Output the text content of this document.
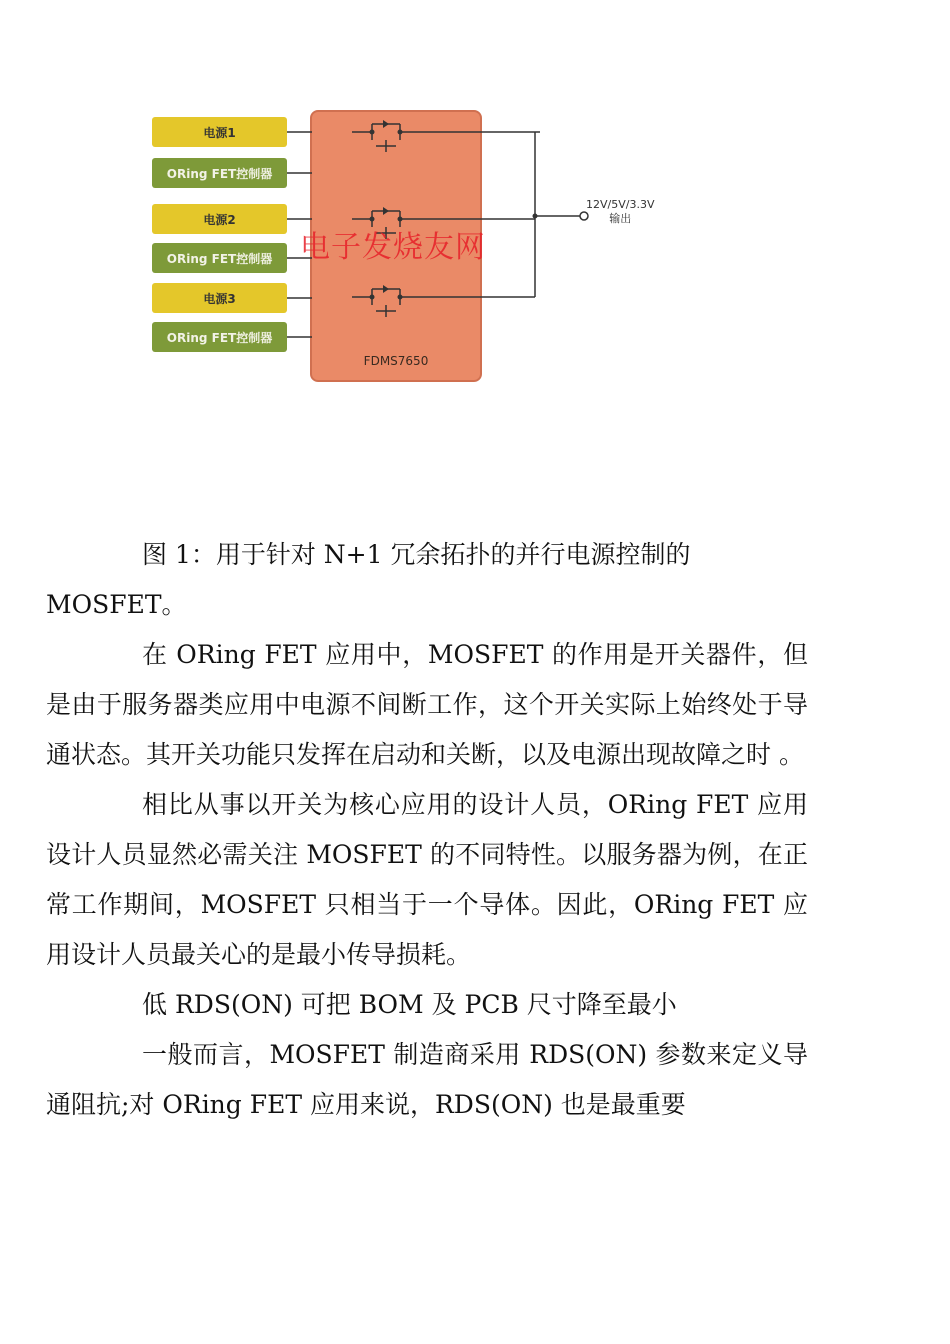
FDMS7650
电源1
ORing FET控制器
电源2
ORing FET控制器
电源3
ORing FET控制器
12V/5V/3.3V
输出
电子发烧友网

图 1：用于针对 N+1 冗余拓扑的并行电源控制的

MOSFET。

在 ORing FET 应用中，MOSFET 的作用是开关器件，但是由于服务器类应用中电源不间断工作，这个开关实际上始终处于导通状态。其开关功能只发挥在启动和关断，以及电源出现故障之时 。

相比从事以开关为核心应用的设计人员，ORing FET 应用设计人员显然必需关注 MOSFET 的不同特性。以服务器为例，在正常工作期间，MOSFET 只相当于一个导体。因此，ORing FET 应用设计人员最关心的是最小传导损耗。

低 RDS(ON) 可把 BOM 及 PCB 尺寸降至最小

一般而言，MOSFET 制造商采用 RDS(ON) 参数来定义导通阻抗;对 ORing FET 应用来说，RDS(ON) 也是最重要
